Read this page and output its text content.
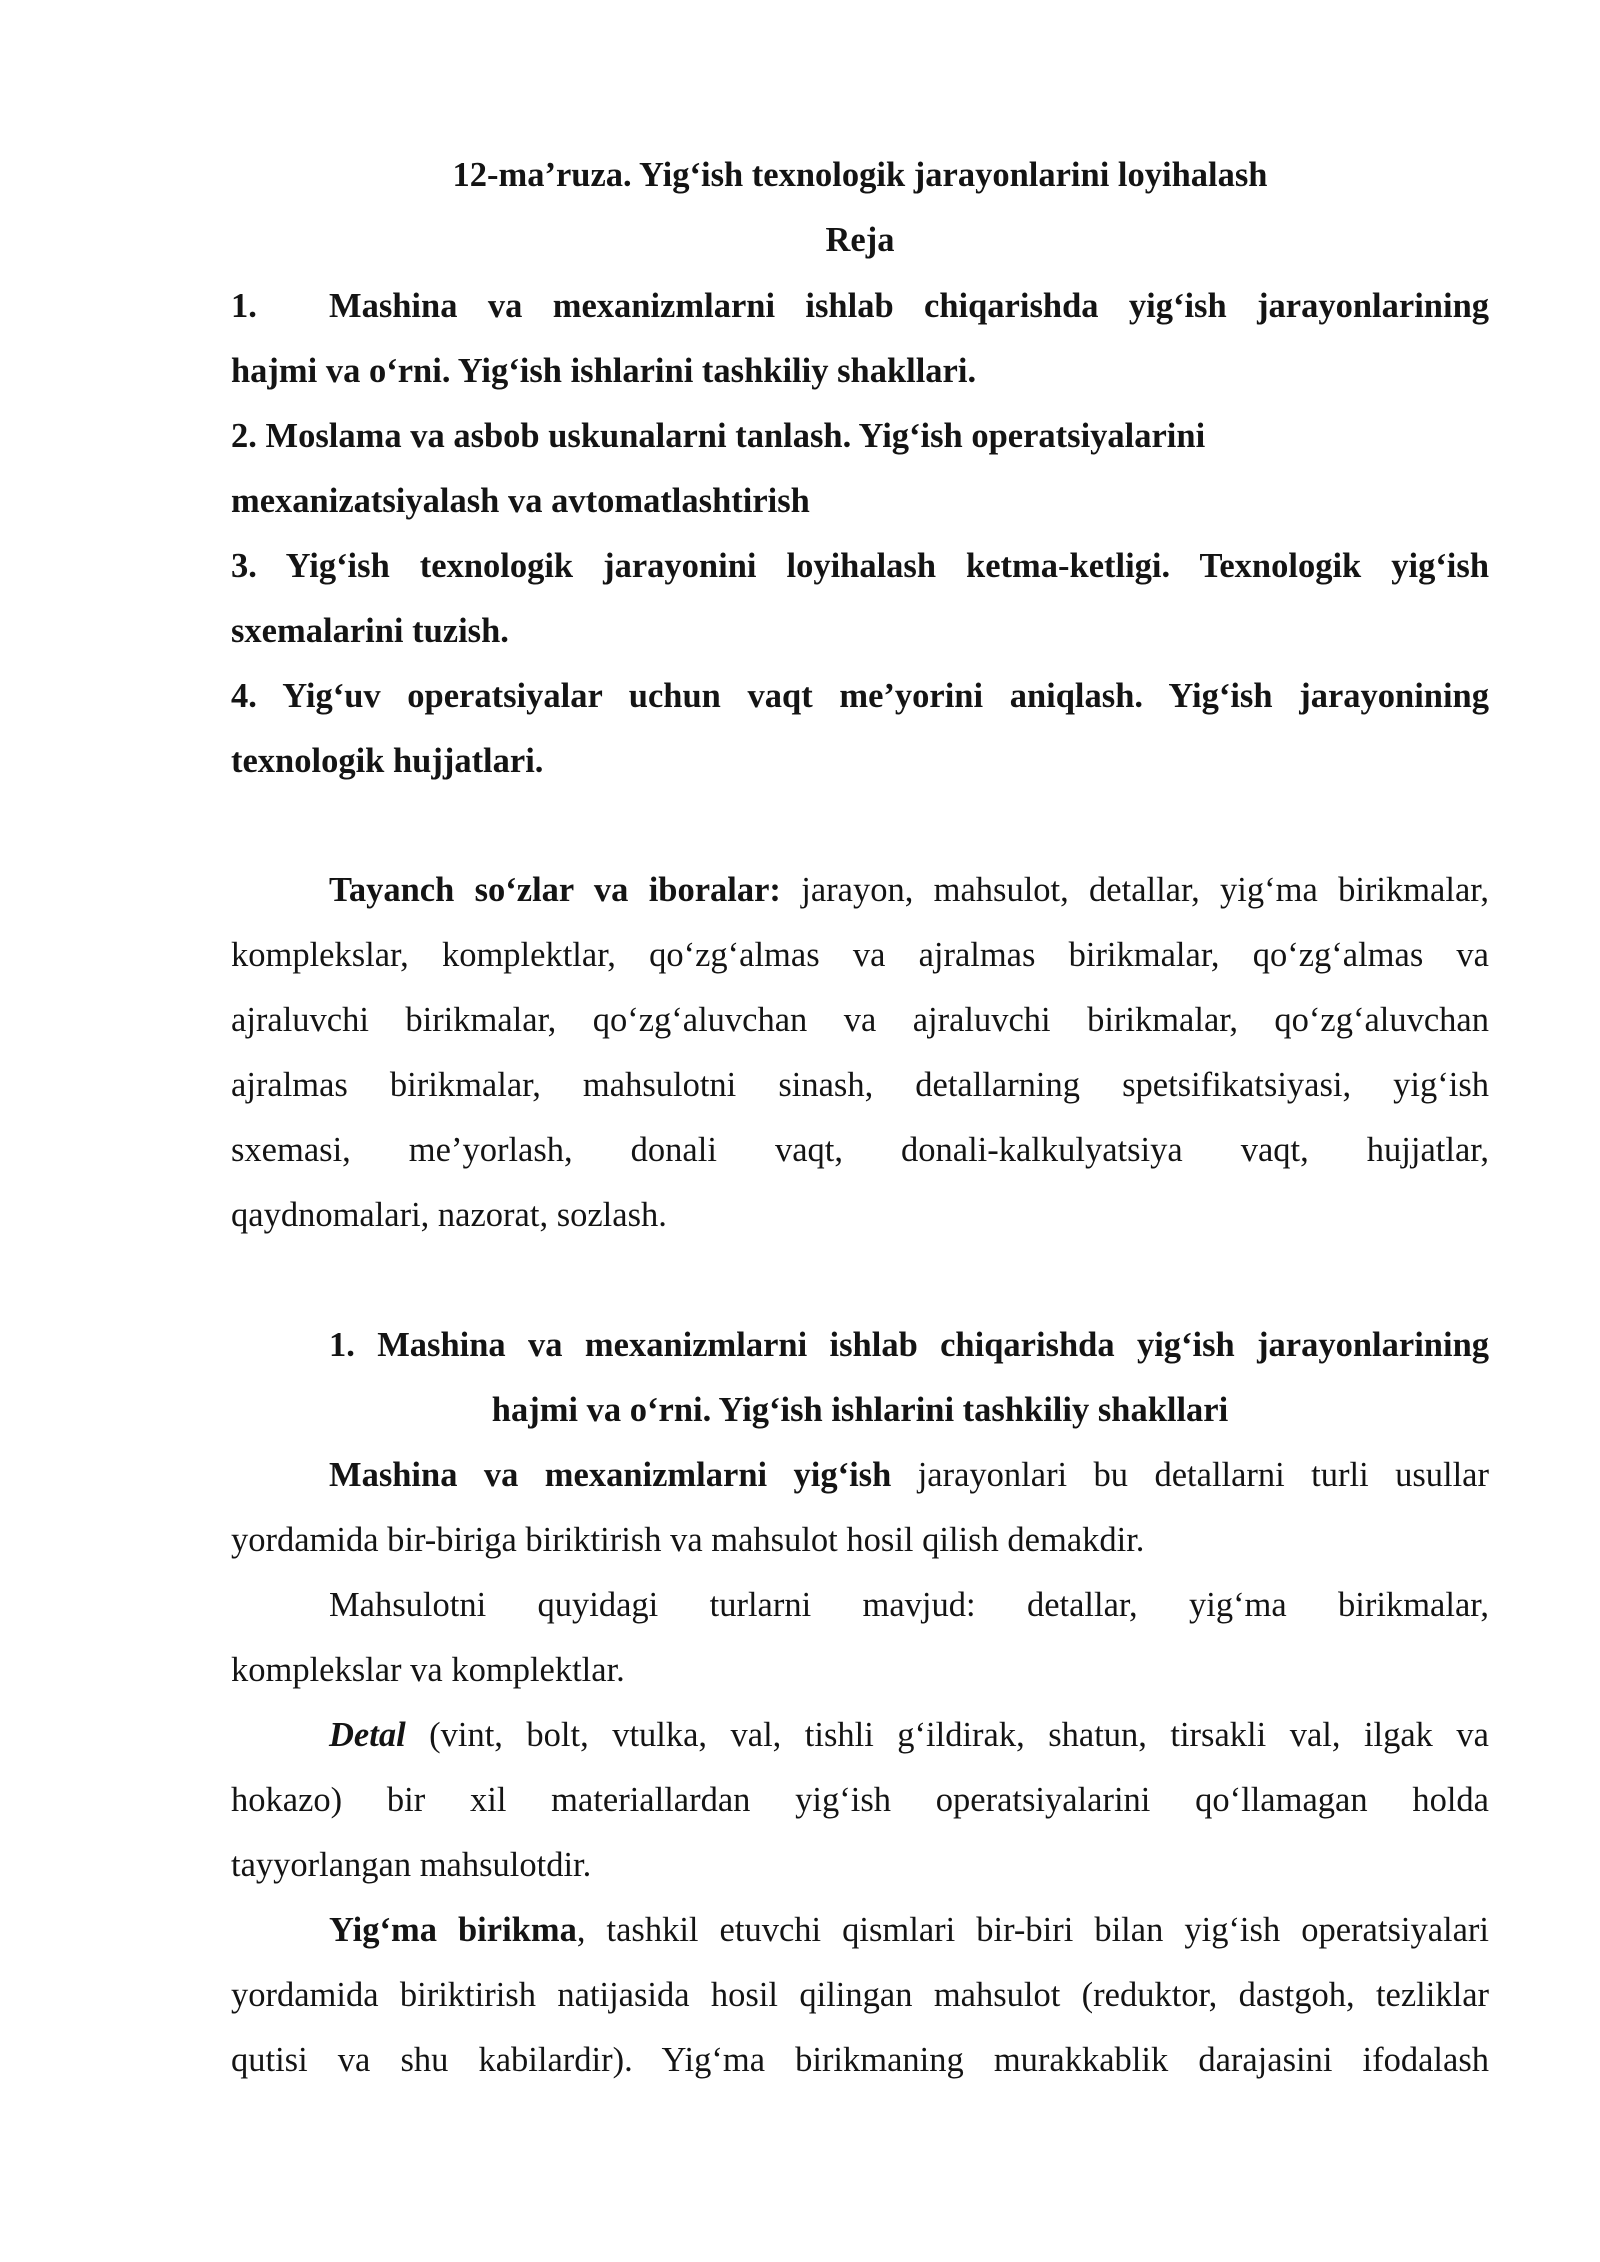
12-ma’ruza. Yig‘ish texnologik jarayonlarini loyihalash
Reja
1. Mashina va mexanizmlarni ishlab chiqarishda yig‘ish jarayonlarining
hajmi va o‘rni. Yig‘ish ishlarini tashkiliy shakllari.
2. Moslama va asbob uskunalarni tanlash. Yig‘ish operatsiyalarini
mexanizatsiyalash va avtomatlashtirish
3. Yig‘ish texnologik jarayonini loyihalash ketma-ketligi. Texnologik yig‘ish
sxemalarini tuzish.
4. Yig‘uv operatsiyalar uchun vaqt me’yorini aniqlash. Yig‘ish jarayonining
texnologik hujjatlari.
Tayanch so‘zlar va iboralar: jarayon, mahsulot, detallar, yig‘ma birikmalar,
komplekslar, komplektlar, qo‘zg‘almas va ajralmas birikmalar, qo‘zg‘almas va
ajraluvchi birikmalar, qo‘zg‘aluvchan va ajraluvchi birikmalar, qo‘zg‘aluvchan
ajralmas birikmalar, mahsulotni sinash, detallarning spetsifikatsiyasi, yig‘ish
sxemasi, me’yorlash, donali vaqt, donali-kalkulyatsiya vaqt, hujjatlar,
qaydnomalari, nazorat, sozlash.
1. Mashina va mexanizmlarni ishlab chiqarishda yig‘ish jarayonlarining
hajmi va o‘rni. Yig‘ish ishlarini tashkiliy shakllari
Mashina va mexanizmlarni yig‘ish jarayonlari bu detallarni turli usullar
yordamida bir-biriga biriktirish va mahsulot hosil qilish demakdir.
Mahsulotni quyidagi turlarni mavjud: detallar, yig‘ma birikmalar,
komplekslar va komplektlar.
Detal (vint, bolt, vtulka, val, tishli g‘ildirak, shatun, tirsakli val, ilgak va
hokazo) bir xil materiallardan yig‘ish operatsiyalarini qo‘llamagan holda
tayyorlangan mahsulotdir.
Yig‘ma birikma, tashkil etuvchi qismlari bir-biri bilan yig‘ish operatsiyalari
yordamida biriktirish natijasida hosil qilingan mahsulot (reduktor, dastgoh, tezliklar
qutisi va shu kabilardir). Yig‘ma birikmaning murakkablik darajasini ifodalash
